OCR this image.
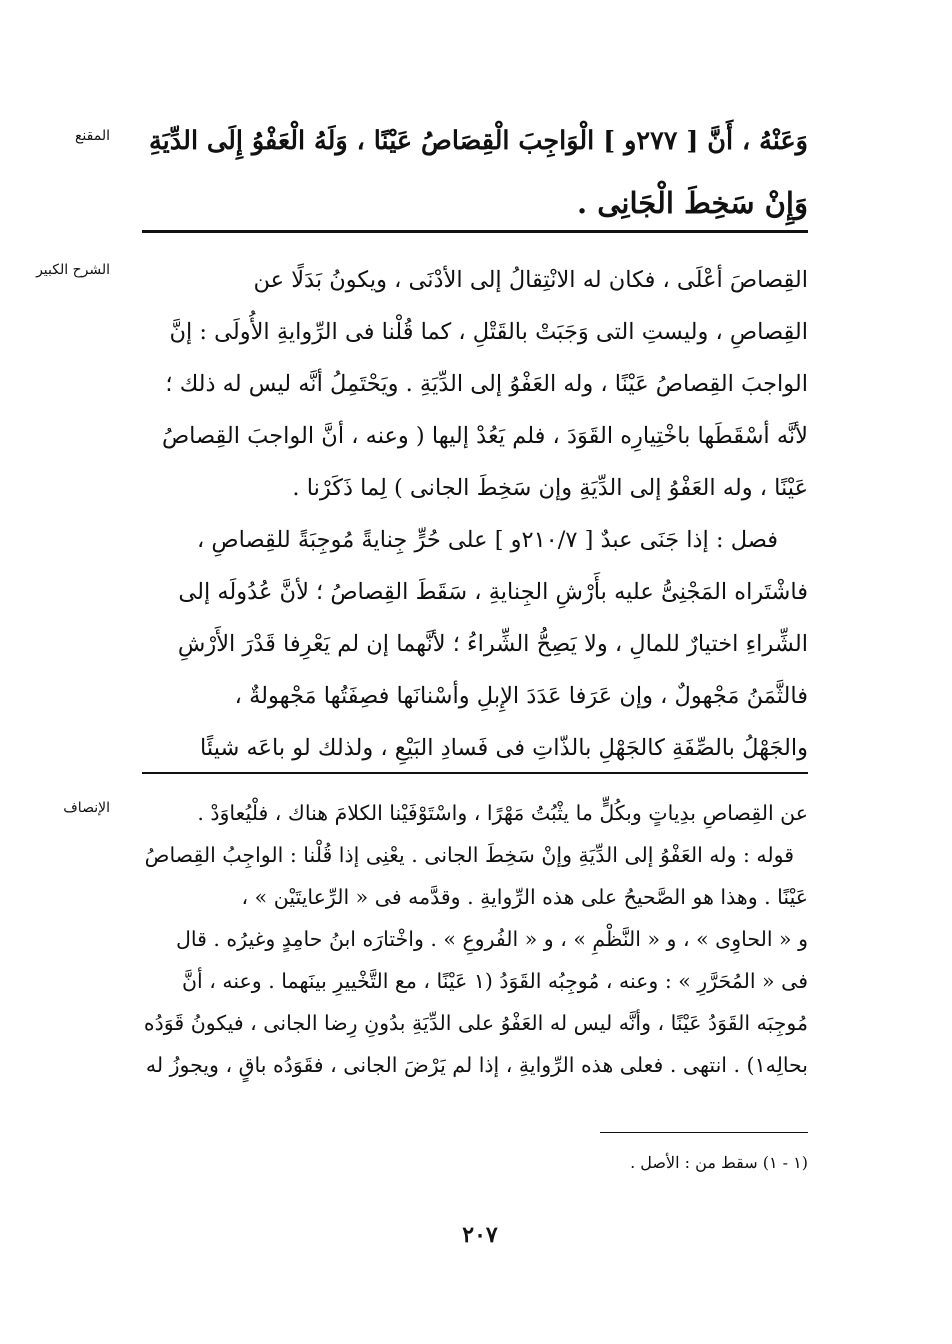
المقنع	وَعَنْهُ ، أَنَّ [ ٢٧٧و ] الْوَاجِبَ الْقِصَاصُ عَيْنًا ، وَلَهُ الْعَفْوُ إِلَى الدِّيَةِ
وَإِنْ سَخِطَ الْجَانِى .
الشرح الكبير	القِصاصَ أعْلَى ، فكان له الانْتِقالُ إلى الأدْنَى ، ويكونُ بَدَلًا عن
القِصاصِ ، وليستِ التى وَجَبَتْ بالقَتْلِ ، كما قُلْنا فى الرِّوايةِ الأُولَى : إنَّ
الواجبَ القِصاصُ عَيْنًا ، وله العَفْوُ إلى الدِّيَةِ . ويَحْتَمِلُ أنَّه ليس له ذلك ؛
لأنَّه أسْقَطَها باخْتِيارِه القَوَدَ ، فلم يَعُدْ إليها ( وعنه ، أنَّ الواجبَ القِصاصُ
عَيْنًا ، وله العَفْوُ إلى الدِّيَةِ وإن سَخِطَ الجانى ) لِما ذَكَرْنا .
فصل : إذا جَنَى عبدٌ [ ٢١٠/٧و ] على حُرٍّ جِنايةً مُوجِبَةً للقِصاصِ ،
فاشْتَراه المَجْنِىُّ عليه بأَرْشِ الجِنايةِ ، سَقَطَ القِصاصُ ؛ لأنَّ عُدُولَه إلى
الشِّراءِ اختيارٌ للمالِ ، ولا يَصِحُّ الشِّراءُ ؛ لأنَّهما إن لم يَعْرِفا قَدْرَ الأَرْشِ
فالثَّمَنُ مَجْهولٌ ، وإن عَرَفا عَدَدَ الإِبلِ وأسْنانَها فصِفَتُها مَجْهولةٌ ،
والجَهْلُ بالصِّفَةِ كالجَهْلِ بالذّاتِ فى فَسادِ البَيْعِ ، ولذلك لو باعَه شيئًا
الإنصاف	عن القِصاصِ بدِياتٍ وبكُلٍّ ما يثْبُتُ مَهْرًا ، واسْتَوْفَيْنا الكلامَ هناك ، فلْيُعاوَدْ .
قوله : وله العَفْوُ إلى الدِّيَةِ وإنْ سَخِطَ الجانى . يعْنِى إذا قُلْنا : الواجِبُ القِصاصُ
عَيْنًا . وهذا هو الصَّحيحُ على هذه الرِّوايةِ . وقدَّمه فى « الرِّعايتَيْن » ،
و « الحاوِى » ، و « النَّظْمِ » ، و « الفُروعِ » . واخْتارَه ابنُ حامِدٍ وغيرُه . قال
فى « المُحَرَّرِ » : وعنه ، مُوجِبُه القَوَدُ (١ عَيْنًا ، مع التَّخْييرِ بينَهما . وعنه ، أنَّ
مُوجِبَه القَوَدُ عَيْنًا ، وأنَّه ليس له العَفْوُ على الدِّيَةِ بدُونِ رِضا الجانى ، فيكونُ قَوَدُه
بحالِه١) . انتهى . فعلى هذه الرِّوايةِ ، إذا لم يَرْضَ الجانى ، فقَوَدُه باقٍ ، ويجوزُ له
(١ - ١) سقط من : الأصل .
٢٠٧
